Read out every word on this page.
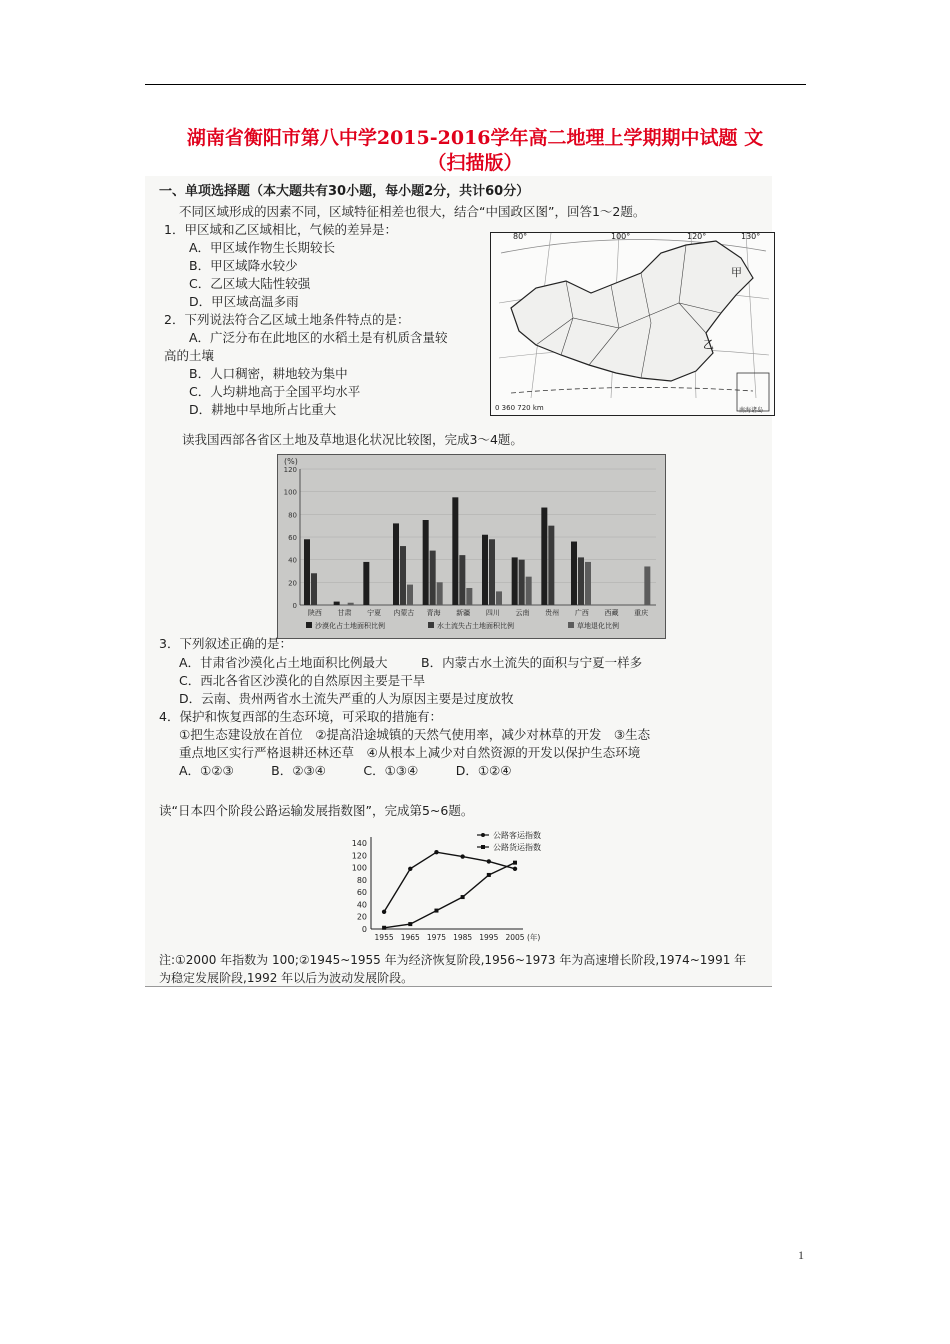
湖南省衡阳市第八中学2015-2016学年高二地理上学期期中试题 文
（扫描版）
一、单项选择题（本大题共有30小题，每小题2分，共计60分）
不同区域形成的因素不同，区域特征相差也很大，结合“中国政区图”，回答1～2题。
1．甲区域和乙区域相比，气候的差异是：
A．甲区域作物生长期较长
B．甲区域降水较少
C．乙区域大陆性较强
D．甲区域高温多雨
2．下列说法符合乙区域土地条件特点的是：
A．广泛分布在此地区的水稻土是有机质含量较
高的土壤
B．人口稠密，耕地较为集中
C．人均耕地高于全国平均水平
D．耕地中旱地所占比重大
80°	100°	120°	130°
甲
乙
0 360 720 km	南海诸岛
读我国西部各省区土地及草地退化状况比较图，完成3～4题。
(%)
120
100
80
60
40
20
0
陕西 甘肃 宁夏 内蒙古 青海 新疆 四川 云南 贵州 广西 西藏 重庆
沙漠化占土地面积比例	水土流失占土地面积比例	草地退化比例
3．下列叙述正确的是：
A．甘肃省沙漠化占土地面积比例最大	B．内蒙古水土流失的面积与宁夏一样多
C．西北各省区沙漠化的自然原因主要是干旱
D．云南、贵州两省水土流失严重的人为原因主要是过度放牧
4．保护和恢复西部的生态环境，可采取的措施有：
①把生态建设放在首位　②提高沿途城镇的天然气使用率，减少对林草的开发　③生态
重点地区实行严格退耕还林还草　④从根本上减少对自然资源的开发以保护生态环境
A．①②③　　　B．②③④　　　C．①③④　　　D．①②④
读“日本四个阶段公路运输发展指数图”，完成第5~6题。
140
120
100
80
60
40
20
0
1955 1965 1975 1985 1995 2005 (年)
公路客运指数
公路货运指数
注:①2000 年指数为 100;②1945~1955 年为经济恢复阶段,1956~1973 年为高速增长阶段,1974~1991 年
为稳定发展阶段,1992 年以后为波动发展阶段。
1
